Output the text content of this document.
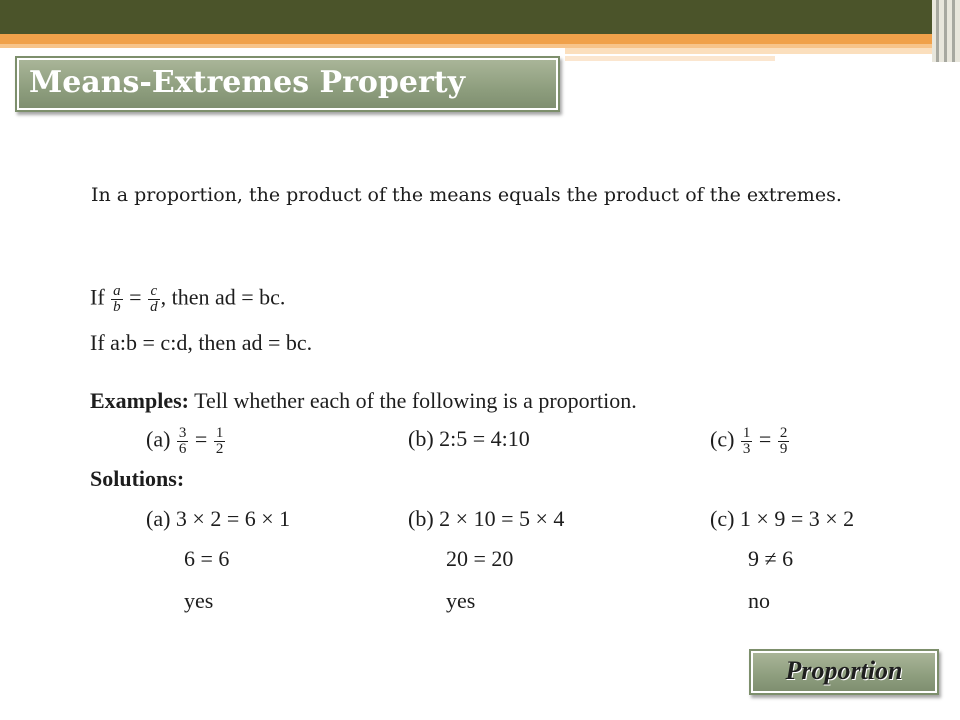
Means-Extremes Property
In a proportion, the product of the means equals the product of the extremes.
If $\frac{a}{b} = \frac{c}{d}$ , then ad = bc.
If a:b = c:d, then ad = bc.
Examples: Tell whether each of the following is a proportion.
$(a) \frac{3}{6} = \frac{1}{2}$	(b) 2:5 = 4:10	$(c) \frac{1}{3} = \frac{2}{9}$
Solutions:
(a) 3 × 2 = 6 × 1	(b) 2 × 10 = 5 × 4	(c) 1 × 9 = 3 × 2
6 = 6	20 = 20	9 ≠ 6
yes	yes	no
Proportion
